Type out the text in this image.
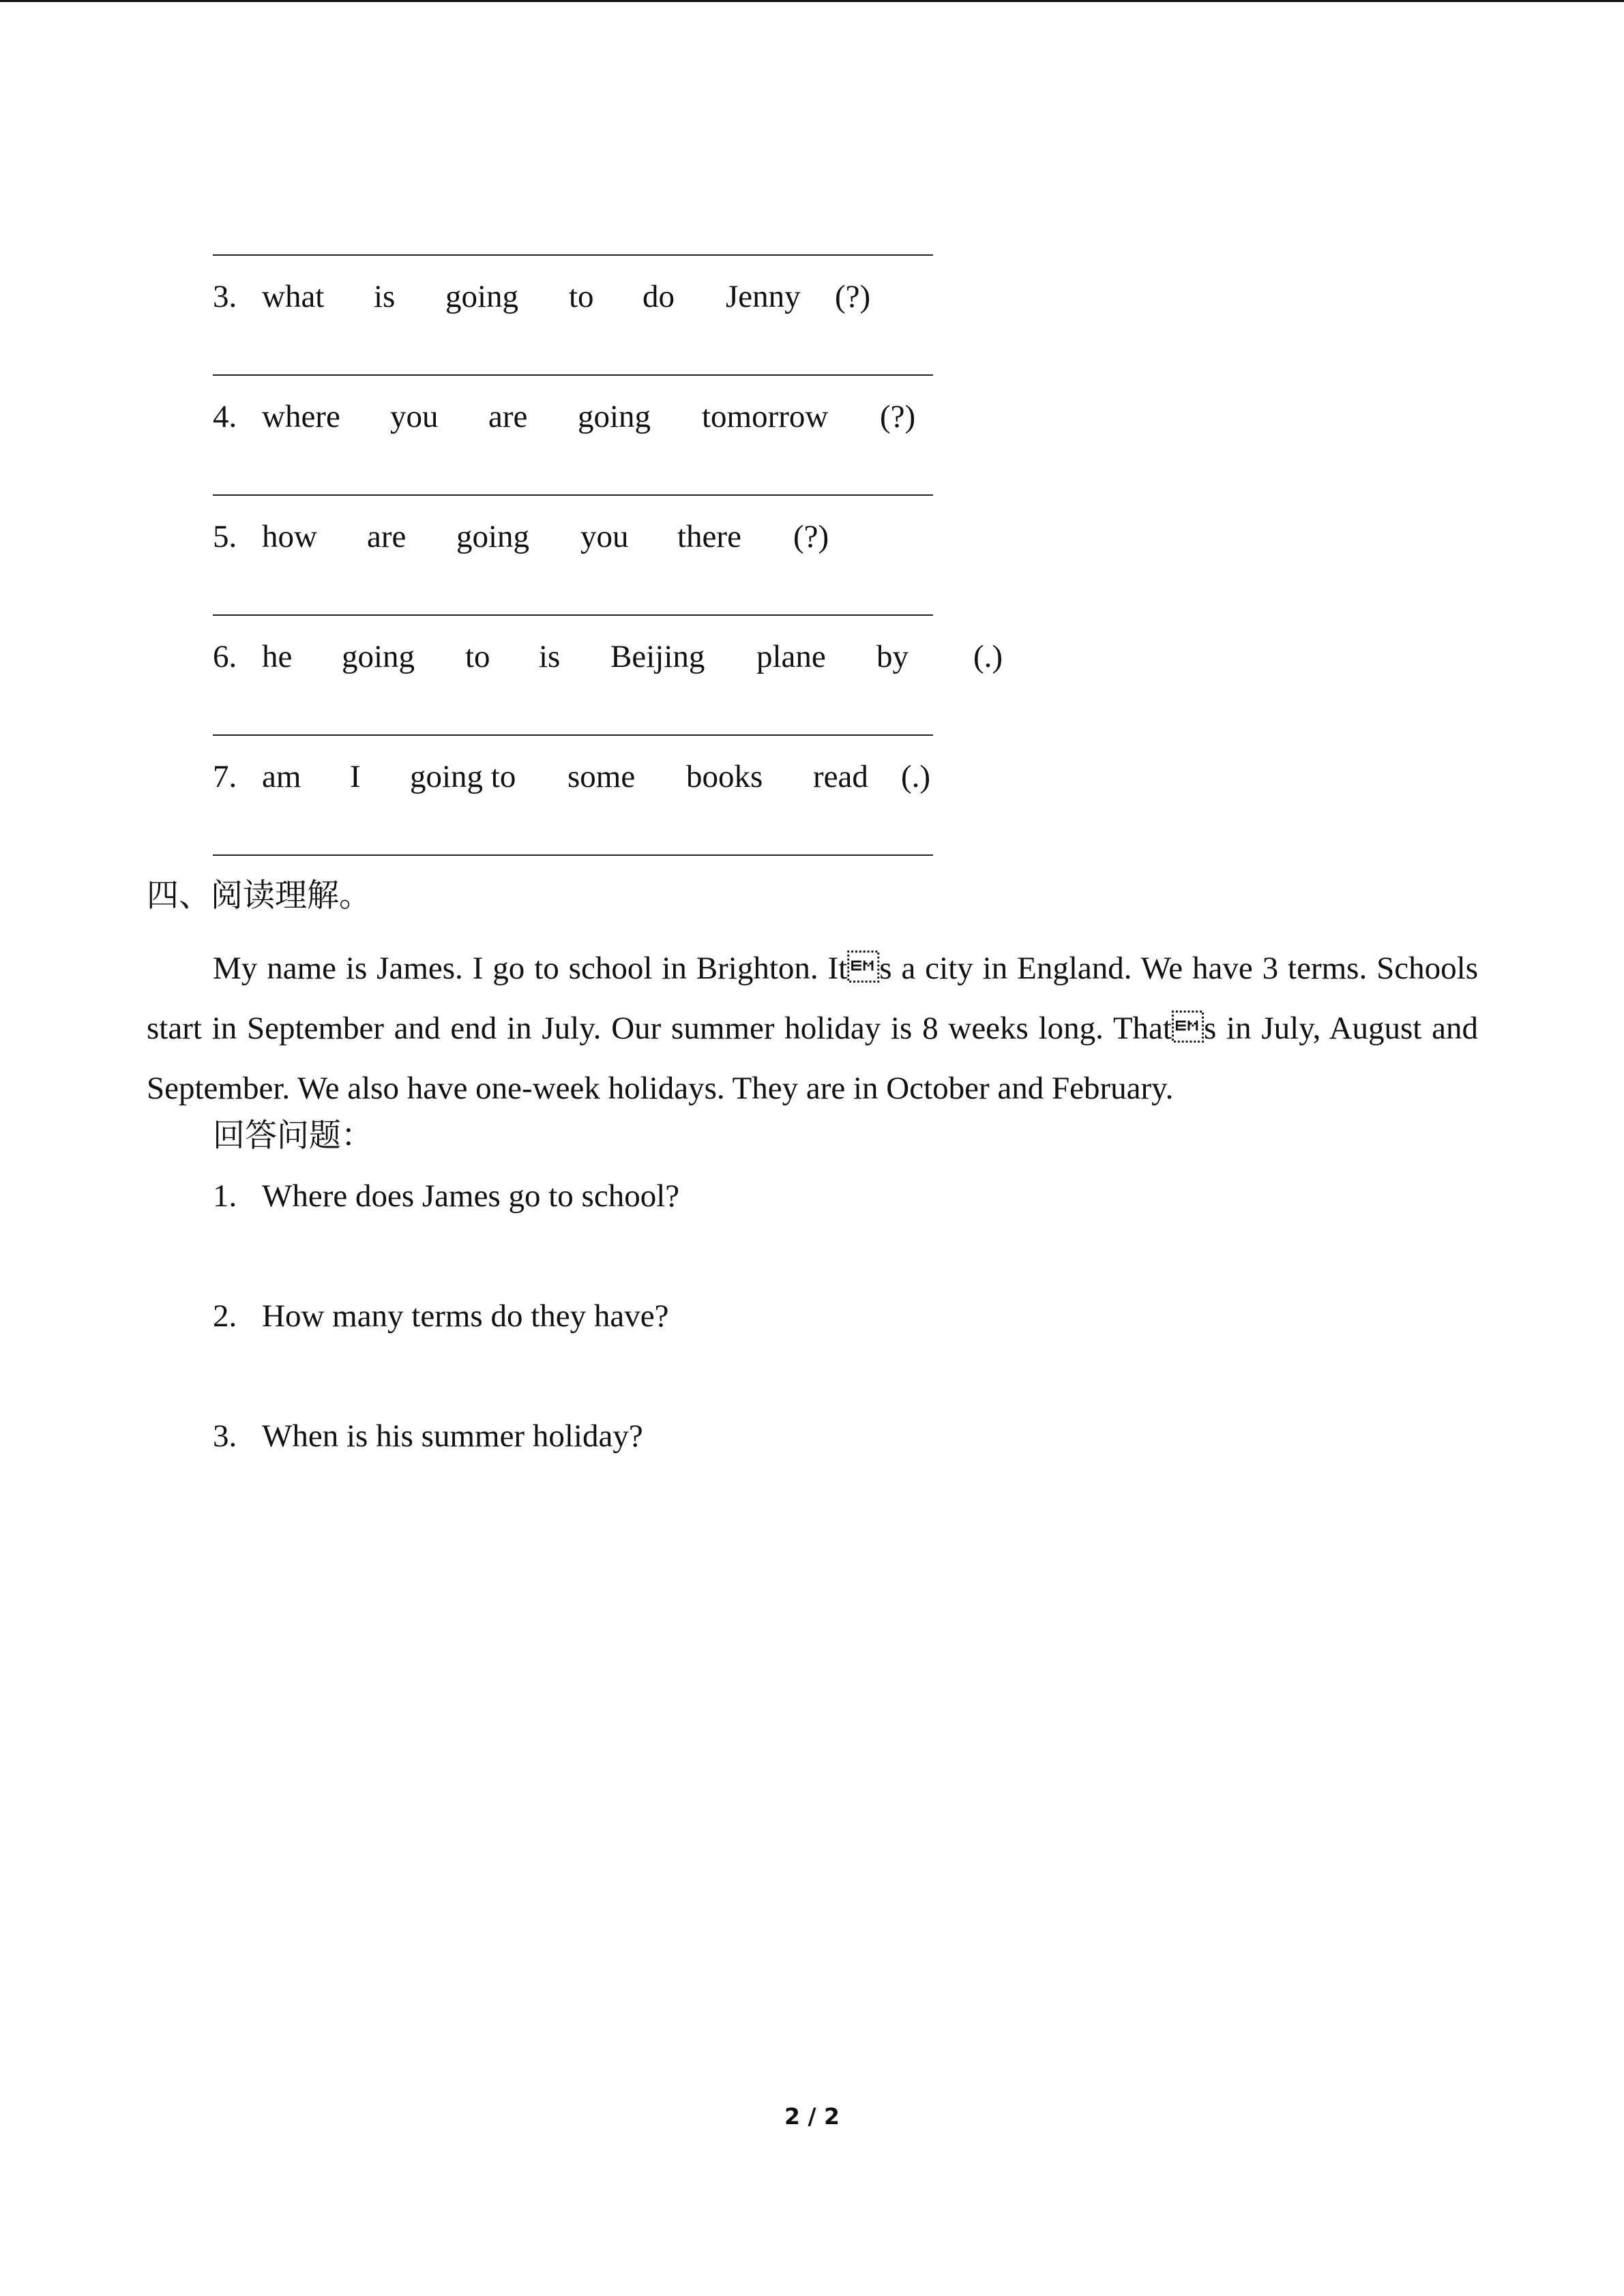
3. what is going to do Jenny (?)
4. where you are going tomorrow (?)
5. how are going you there (?)
6. he going to is Beijing plane by (.)
7. am I going to some books read (.)
四、阅读理解。
My name is James. I go to school in Brighton. Its a city in England. We have 3 terms. Schools start in September and end in July. Our summer holiday is 8 weeks long. Thats in July, August and September. We also have one-week holidays. They are in October and February.
回答问题：
1. Where does James go to school?
2. How many terms do they have?
3. When is his summer holiday?
2 / 2
